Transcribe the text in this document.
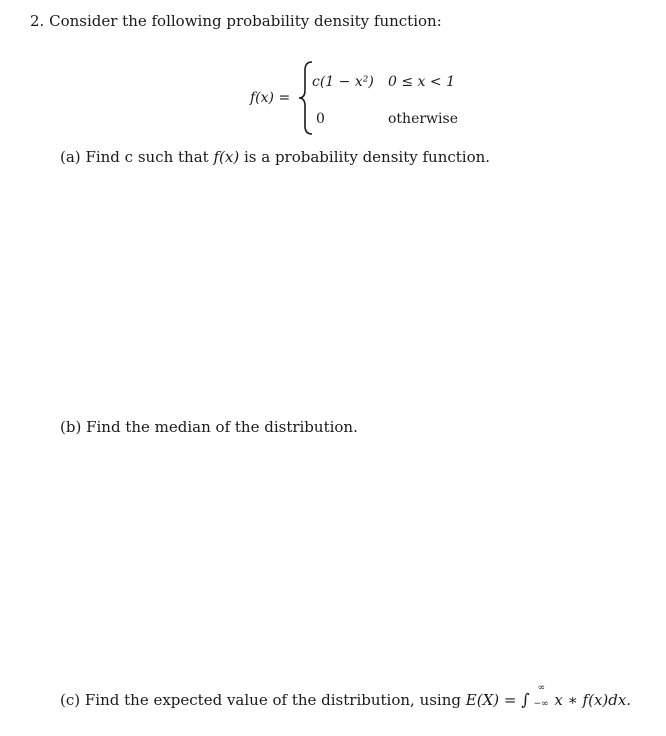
2. Consider the following probability density function:
f(x) =
c(1 − x²) 0 ≤ x < 1
0	otherwise
(a) Find c such that f(x) is a probability density function.
(b) Find the median of the distribution.
(c) Find the expected value of the distribution, using E(X) = ∫
∞
−∞ x ∗ f(x)dx.
